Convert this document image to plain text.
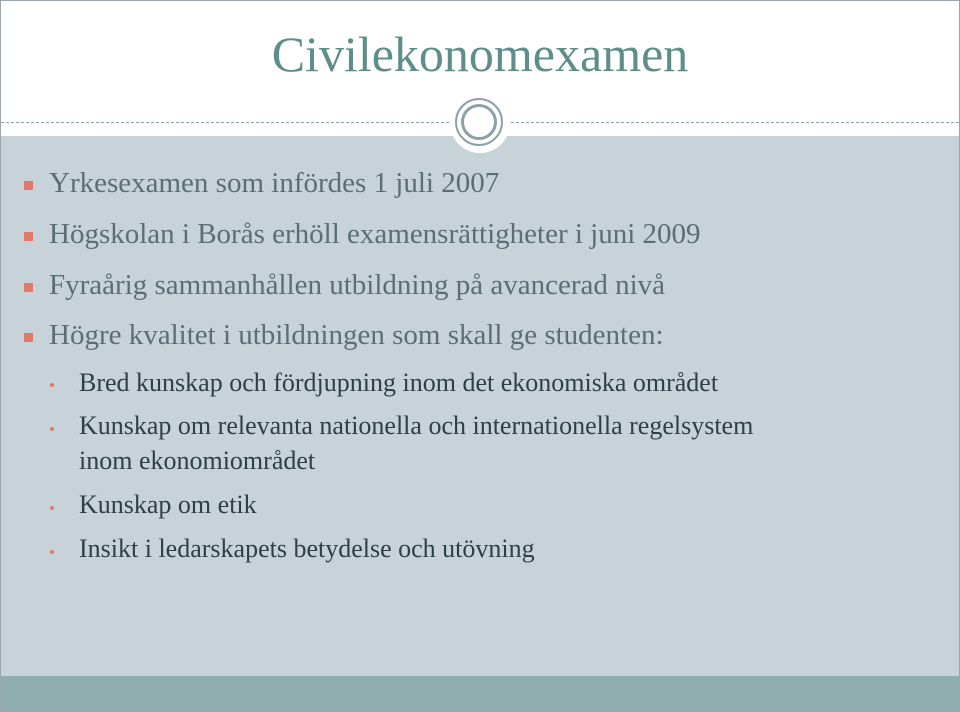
Civilekonomexamen
Yrkesexamen som infördes 1 juli 2007
Högskolan i Borås erhöll examensrättigheter i juni 2009
Fyraårig sammanhållen utbildning på avancerad nivå
Högre kvalitet i utbildningen som skall ge studenten:
Bred kunskap och fördjupning inom det ekonomiska området
Kunskap om relevanta nationella och internationella regelsystem
inom ekonomiområdet
Kunskap om etik
Insikt i ledarskapets betydelse och utövning
